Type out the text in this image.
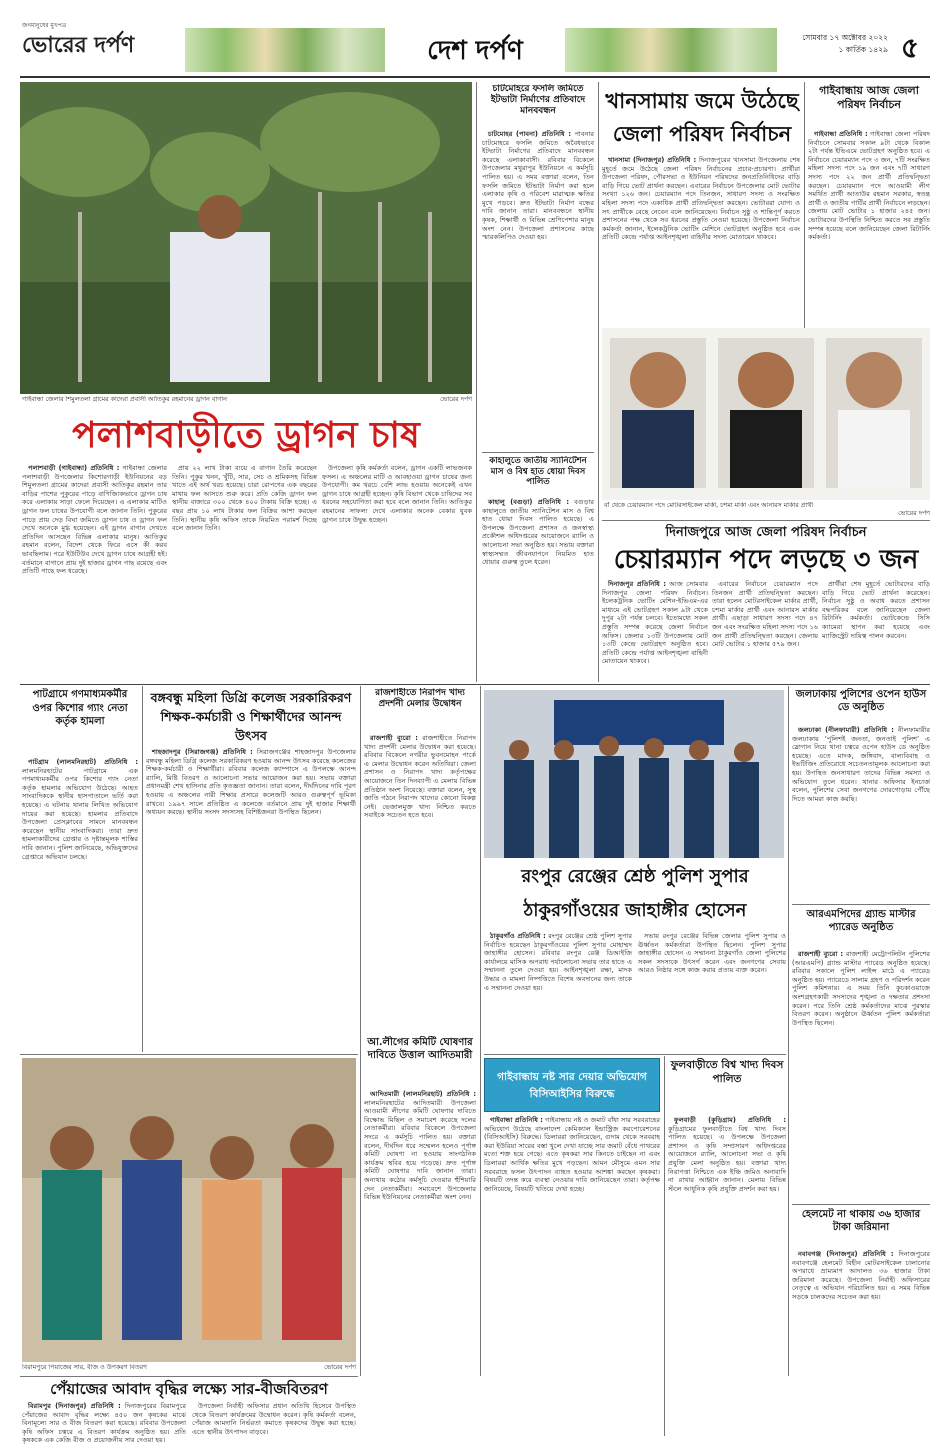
জনমানুষের মুখপত্র
ভোরের দর্পণ	দেশ দর্পণ	সোমবার ১৭ অক্টোবর ২০২২
১ কার্তিক ১৪২৯ ৫
গাইবান্ধা জেলার শিমুলতলা গ্রামের কাদেরা প্রবাসী আতিকুর রহমানের ড্রাগন বাগান	ভোরের দর্পণ
পলাশবাড়ীতে ড্রাগন চাষ

পলাশবাড়ী (গাইবান্ধা) প্রতিনিধি : গাইবান্ধা জেলার পলাশবাড়ী উপজেলার কিশোরগাড়ী ইউনিয়নের বড় শিমুলতলা গ্রামের কাদেরা প্রবাসী আতিকুর রহমান তার বাড়ির পাশের পুকুরের পাড়ে বাণিজ্যিকভাবে ড্রাগন চাষ করে এলাকায় সাড়া ফেলে দিয়েছেন। এ এলাকার মাটিও ড্রাগন ফল চাষের উপযোগী বলে জানান তিনি। পুকুরের পাড়ে প্রায় দেড় বিঘা জমিতে ড্রাগন চাষ ও ড্রাগন ফল দেখে অনেকে মুগ্ধ হয়েছেন। এই ড্রাগন বাগান দেখতে প্রতিদিন আসছেন বিভিন্ন এলাকার মানুষ। আতিকুর রহমান বলেন, বিদেশ থেকে ফিরে এসে কী করব ভাবছিলাম। পরে ইউটিউব দেখে ড্রাগন চাষে আগ্রহী হই। বর্তমানে বাগানে প্রায় দুই হাজার ড্রাগন গাছ রয়েছে এবং প্রতিটি গাছে ফল ধরেছে।

প্রায় ২২ লাখ টাকা ব্যয়ে এ বাগান তৈরি করেছেন তিনি। পুকুর খনন, খুঁটি, সার, সেচ ও শ্রমিকসহ বিভিন্ন খাতে এই অর্থ খরচ হয়েছে। চারা রোপণের এক বছরের মাথায় ফল আসতে শুরু করে। প্রতি কেজি ড্রাগন ফল স্থানীয় বাজারে ৩০০ থেকে ৪০০ টাকায় বিক্রি হচ্ছে। এ বছর প্রায় ১০ লাখ টাকার ফল বিক্রির আশা করছেন তিনি। স্থানীয় কৃষি অফিস তাকে নিয়মিত পরামর্শ দিচ্ছে বলে জানান তিনি।

উপজেলা কৃষি কর্মকর্তা বলেন, ড্রাগন একটি লাভজনক ফসল। এ অঞ্চলের মাটি ও আবহাওয়া ড্রাগন চাষের জন্য উপযোগী। কম খরচে বেশি লাভ হওয়ায় অনেকেই এখন ড্রাগন চাষে আগ্রহী হচ্ছেন। কৃষি বিভাগ থেকে চাষিদের সব ধরনের সহযোগিতা করা হবে বলে জানান তিনি। আতিকুর রহমানের সাফল্য দেখে এলাকার অনেক বেকার যুবক ড্রাগন চাষে উদ্বুদ্ধ হচ্ছেন।

চাটমোহরে ফসলি জমিতে ইটভাটা নির্মাণের প্রতিবাদে মানববন্ধন

চাটমোহর (পাবনা) প্রতিনিধি : পাবনার চাটমোহরে ফসলি জমিতে অবৈধভাবে ইটভাটা নির্মাণের প্রতিবাদে মানববন্ধন করেছে এলাকাবাসী। রবিবার বিকেলে উপজেলার মথুরাপুর ইউনিয়নে এ কর্মসূচি পালিত হয়। এ সময় বক্তারা বলেন, তিন ফসলি জমিতে ইটভাটা নির্মাণ করা হলে এলাকার কৃষি ও পরিবেশ মারাত্মক ক্ষতির মুখে পড়বে। দ্রুত ইটভাটা নির্মাণ বন্ধের দাবি জানান তারা। মানববন্ধনে স্থানীয় কৃষক, শিক্ষার্থী ও বিভিন্ন শ্রেণিপেশার মানুষ অংশ নেন। উপজেলা প্রশাসনের কাছে স্মারকলিপিও দেওয়া হয়।

কাহালুতে জাতীয় স্যানিটেশন মাস ও বিশ্ব হাত ধোয়া দিবস পালিত

কাহালু (বগুড়া) প্রতিনিধি : বগুড়ার কাহালুতে জাতীয় স্যানিটেশন মাস ও বিশ্ব হাত ধোয়া দিবস পালিত হয়েছে। এ উপলক্ষে উপজেলা প্রশাসন ও জনস্বাস্থ্য প্রকৌশল অধিদপ্তরের আয়োজনে র‍্যালি ও আলোচনা সভা অনুষ্ঠিত হয়। সভায় বক্তারা স্বাস্থ্যসম্মত জীবনযাপনে নিয়মিত হাত ধোয়ার গুরুত্ব তুলে ধরেন।

খানসামায় জমে উঠেছে জেলা পরিষদ নির্বাচন

খানসামা (দিনাজপুর) প্রতিনিধি : দিনাজপুরের খানসামা উপজেলায় শেষ মুহূর্তে জমে উঠেছে জেলা পরিষদ নির্বাচনের প্রচার-প্রচারণা। প্রার্থীরা উপজেলা পরিষদ, পৌরসভা ও ইউনিয়ন পরিষদের জনপ্রতিনিধিদের বাড়ি বাড়ি গিয়ে ভোট প্রার্থনা করছেন। এবারের নির্বাচনে উপজেলার মোট ভোটার সংখ্যা ১২৬ জন। চেয়ারম্যান পদে তিনজন, সাধারণ সদস্য ও সংরক্ষিত মহিলা সদস্য পদে একাধিক প্রার্থী প্রতিদ্বন্দ্বিতা করছেন। ভোটাররা যোগ্য ও সৎ প্রার্থীকে বেছে নেবেন বলে জানিয়েছেন। নির্বাচন সুষ্ঠু ও শান্তিপূর্ণ করতে প্রশাসনের পক্ষ থেকে সব ধরনের প্রস্তুতি নেওয়া হয়েছে। উপজেলা নির্বাচন কর্মকর্তা জানান, ইলেকট্রনিক ভোটিং মেশিনে ভোটগ্রহণ অনুষ্ঠিত হবে এবং প্রতিটি কেন্দ্রে পর্যাপ্ত আইনশৃঙ্খলা বাহিনীর সদস্য মোতায়েন থাকবে।

গাইবান্ধায় আজ জেলা পরিষদ নির্বাচন

গাইবান্ধা প্রতিনিধি : গাইবান্ধা জেলা পরিষদ নির্বাচনে সোমবার সকাল ৯টা থেকে বিকাল ২টা পর্যন্ত ইভিএমে ভোটগ্রহণ অনুষ্ঠিত হবে। এ নির্বাচনে চেয়ারম্যান পদে ৩ জন, ৭টি সংরক্ষিত মহিলা সদস্য পদে ১৯ জন এবং ৭টি সাধারণ সদস্য পদে ২২ জন প্রার্থী প্রতিদ্বন্দ্বিতা করছেন। চেয়ারম্যান পদে আওয়ামী লীগ সমর্থিত প্রার্থী আতাউর রহমান সরকার, স্বতন্ত্র প্রার্থী ও জাতীয় পার্টির প্রার্থী নির্বাচনে লড়ছেন। জেলায় মোট ভোটার ১ হাজার ২৪৫ জন। ভোটারদের উপস্থিতি নিশ্চিত করতে সব প্রস্তুতি সম্পন্ন হয়েছে বলে জানিয়েছেন জেলা রিটার্নিং কর্মকর্তা।

বাঁ থেকে চেয়ারম্যান পদে মোটরসাইকেল মার্কা, চশমা মার্কা এবং আনারস মার্কার প্রার্থী
ভোরের দর্পণ
দিনাজপুরে আজ জেলা পরিষদ নির্বাচন
চেয়ারম্যান পদে লড়ছে ৩ জন

দিনাজপুর প্রতিনিধি : আজ সোমবার দিনাজপুর জেলা পরিষদ নির্বাচন। ইলেকট্রনিক ভোটিং মেশিন-ইভিএম-এর মাধ্যমে এই ভোটগ্রহণ সকাল ৯টা থেকে দুপুর ২টা পর্যন্ত চলবে। ইতোমধ্যে সকল প্রস্তুতি সম্পন্ন করেছে জেলা নির্বাচন অফিস। জেলার ১৩টি উপজেলায় মোট ১৩টি কেন্দ্রে ভোটগ্রহণ অনুষ্ঠিত হবে। প্রতিটি কেন্দ্রে পর্যাপ্ত আইনশৃঙ্খলা বাহিনী মোতায়েন থাকবে।

এবারের নির্বাচনে চেয়ারম্যান পদে তিনজন প্রার্থী প্রতিদ্বন্দ্বিতা করছেন। তারা হলেন মোটরসাইকেল মার্কার প্রার্থী, চশমা মার্কার প্রার্থী এবং আনারস মার্কার প্রার্থী। এছাড়া সাধারণ সদস্য পদে ৪৭ জন এবং সংরক্ষিত মহিলা সদস্য পদে ১৬ জন প্রার্থী প্রতিদ্বন্দ্বিতা করছেন। জেলায় মোট ভোটার ১ হাজার ৫৭৯ জন।

প্রার্থীরা শেষ মুহূর্তে ভোটারদের বাড়ি বাড়ি গিয়ে ভোট প্রার্থনা করেছেন। নির্বাচন সুষ্ঠু ও অবাধ করতে প্রশাসন বদ্ধপরিকর বলে জানিয়েছেন জেলা রিটার্নিং কর্মকর্তা। ভোটকেন্দ্রে সিসি ক্যামেরা স্থাপন করা হয়েছে এবং ম্যাজিস্ট্রেট দায়িত্ব পালন করবেন।

পাটগ্রামে গণমাধ্যমকর্মীর ওপর কিশোর গ্যাং নেতা কর্তৃক হামলা

পাটগ্রাম (লালমনিরহাট) প্রতিনিধি : লালমনিরহাটের পাটগ্রামে এক গণমাধ্যমকর্মীর ওপর কিশোর গ্যাং নেতা কর্তৃক হামলার অভিযোগ উঠেছে। আহত সাংবাদিককে স্থানীয় হাসপাতালে ভর্তি করা হয়েছে। এ ঘটনায় থানায় লিখিত অভিযোগ দায়ের করা হয়েছে। হামলার প্রতিবাদে উপজেলা প্রেসক্লাবের সামনে মানববন্ধন করেছেন স্থানীয় সাংবাদিকরা। তারা দ্রুত হামলাকারীদের গ্রেপ্তার ও দৃষ্টান্তমূলক শাস্তির দাবি জানান। পুলিশ জানিয়েছে, অভিযুক্তদের গ্রেপ্তারে অভিযান চলছে।

বঙ্গবন্ধু মহিলা ডিগ্রি কলেজ সরকারিকরণ শিক্ষক-কর্মচারী ও শিক্ষার্থীদের আনন্দ উৎসব

শাহজাদপুর (সিরাজগঞ্জ) প্রতিনিধি : সিরাজগঞ্জের শাহজাদপুর উপজেলার বঙ্গবন্ধু মহিলা ডিগ্রি কলেজ সরকারিকরণ হওয়ায় আনন্দ উৎসব করেছে কলেজের শিক্ষক-কর্মচারী ও শিক্ষার্থীরা। রবিবার কলেজ ক্যাম্পাসে এ উপলক্ষে আনন্দ র‍্যালি, মিষ্টি বিতরণ ও আলোচনা সভার আয়োজন করা হয়। সভায় বক্তারা প্রধানমন্ত্রী শেখ হাসিনার প্রতি কৃতজ্ঞতা জানান। তারা বলেন, দীর্ঘদিনের দাবি পূরণ হওয়ায় এ অঞ্চলের নারী শিক্ষার প্রসারে কলেজটি আরও গুরুত্বপূর্ণ ভূমিকা রাখবে। ১৯৯৭ সালে প্রতিষ্ঠিত এ কলেজে বর্তমানে প্রায় দুই হাজার শিক্ষার্থী অধ্যয়ন করছে। স্থানীয় সংসদ সদস্যসহ বিশিষ্টজনরা উপস্থিত ছিলেন।

রাজশাহীতে নিরাপদ খাদ্য প্রদর্শনী মেলার উদ্বোধন

রাজশাহী ব্যুরো : রাজশাহীতে নিরাপদ খাদ্য প্রদর্শনী মেলার উদ্বোধন করা হয়েছে। রবিবার বিকেলে নগরীর ভুবনমোহন পার্কে এ মেলার উদ্বোধন করেন অতিথিরা। জেলা প্রশাসন ও নিরাপদ খাদ্য কর্তৃপক্ষের আয়োজনে তিন দিনব্যাপী এ মেলায় বিভিন্ন প্রতিষ্ঠান অংশ নিয়েছে। বক্তারা বলেন, সুস্থ জাতি গঠনে নিরাপদ খাদ্যের কোনো বিকল্প নেই। ভেজালমুক্ত খাদ্য নিশ্চিত করতে সবাইকে সচেতন হতে হবে।

জলঢাকায় পুলিশের ওপেন হাউস ডে অনুষ্ঠিত

জলঢাকা (নীলফামারী) প্রতিনিধি : নীলফামারীর জলঢাকায় ‘পুলিশই জনতা, জনতাই পুলিশ’ এ স্লোগান নিয়ে থানা চত্বরে ওপেন হাউস ডে অনুষ্ঠিত হয়েছে। এতে মাদক, জঙ্গিবাদ, বাল্যবিবাহ ও ইভটিজিং প্রতিরোধে সচেতনতামূলক আলোচনা করা হয়। উপস্থিত জনসাধারণ তাদের বিভিন্ন সমস্যা ও অভিযোগ তুলে ধরেন। থানার অফিসার ইনচার্জ বলেন, পুলিশের সেবা জনগণের দোরগোড়ায় পৌঁছে দিতে আমরা কাজ করছি।

রংপুর রেঞ্জের শ্রেষ্ঠ পুলিশ সুপার ঠাকুরগাঁওয়ের জাহাঙ্গীর হোসেন

ঠাকুরগাঁও প্রতিনিধি : রংপুর রেঞ্জের শ্রেষ্ঠ পুলিশ সুপার নির্বাচিত হয়েছেন ঠাকুরগাঁওয়ের পুলিশ সুপার মোহাম্মদ জাহাঙ্গীর হোসেন। রবিবার রংপুর রেঞ্জ ডিআইজি কার্যালয়ে মাসিক অপরাধ পর্যালোচনা সভায় তার হাতে এ সম্মাননা তুলে দেওয়া হয়। আইনশৃঙ্খলা রক্ষা, মাদক উদ্ধার ও মামলা নিষ্পত্তিতে বিশেষ অবদানের জন্য তাকে এ সম্মাননা দেওয়া হয়।

সভায় রংপুর রেঞ্জের বিভিন্ন জেলার পুলিশ সুপার ও ঊর্ধ্বতন কর্মকর্তারা উপস্থিত ছিলেন। পুলিশ সুপার জাহাঙ্গীর হোসেন এ সম্মাননা ঠাকুরগাঁও জেলা পুলিশের সকল সদস্যকে উৎসর্গ করেন এবং জনগণের সেবায় আরও নিষ্ঠার সঙ্গে কাজ করার প্রত্যয় ব্যক্ত করেন।

আরএমপিদের গ্র্যান্ড মাস্টার প্যারেড অনুষ্ঠিত

রাজশাহী ব্যুরো : রাজশাহী মেট্রোপলিটন পুলিশের (আরএমপি) গ্র্যান্ড মাস্টার প্যারেড অনুষ্ঠিত হয়েছে। রবিবার সকালে পুলিশ লাইন্স মাঠে এ প্যারেড অনুষ্ঠিত হয়। প্যারেডে সালাম গ্রহণ ও পরিদর্শন করেন পুলিশ কমিশনার। এ সময় তিনি কুচকাওয়াজে অংশগ্রহণকারী সদস্যদের শৃঙ্খলা ও দক্ষতার প্রশংসা করেন। পরে তিনি শ্রেষ্ঠ কর্মকর্তাদের মাঝে পুরস্কার বিতরণ করেন। অনুষ্ঠানে ঊর্ধ্বতন পুলিশ কর্মকর্তারা উপস্থিত ছিলেন।

হেলমেট না থাকায় ৩৬ হাজার টাকা জরিমানা

নবাবগঞ্জ (দিনাজপুর) প্রতিনিধি : দিনাজপুরের নবাবগঞ্জে হেলমেট বিহীন মোটরসাইকেল চালানোর অপরাধে ভ্রাম্যমাণ আদালত ৩৬ হাজার টাকা জরিমানা করেছে। উপজেলা নির্বাহী অফিসারের নেতৃত্বে এ অভিযান পরিচালিত হয়। এ সময় বিভিন্ন সড়কে চালকদের সচেতন করা হয়।

বিরামপুরে পিঁয়াজের সার, বীজ ও উপকরণ বিতরণ	ভোরের দর্পণ
আ.লীগের কমিটি ঘোষণার দাবিতে উত্তাল আদিতমারী

আদিতমারী (লালমনিরহাট) প্রতিনিধি : লালমনিরহাটের আদিতমারী উপজেলা আওয়ামী লীগের কমিটি ঘোষণার দাবিতে বিক্ষোভ মিছিল ও সমাবেশ করেছে দলের নেতাকর্মীরা। রবিবার বিকেলে উপজেলা সদরে এ কর্মসূচি পালিত হয়। বক্তারা বলেন, দীর্ঘদিন ধরে সম্মেলন হলেও পূর্ণাঙ্গ কমিটি ঘোষণা না হওয়ায় সাংগঠনিক কার্যক্রম স্থবির হয়ে পড়েছে। দ্রুত পূর্ণাঙ্গ কমিটি ঘোষণার দাবি জানান তারা। অন্যথায় কঠোর কর্মসূচি দেওয়ার হুঁশিয়ারি দেন নেতাকর্মীরা। সমাবেশে উপজেলার বিভিন্ন ইউনিয়নের নেতাকর্মীরা অংশ নেন।

গাইবান্ধায় নষ্ট সার দেয়ার অভিযোগ বিসিআইসির বিরুদ্ধে

গাইবান্ধা প্রতিনিধি : গাইবান্ধায় নষ্ট ও জমাট বাঁধা সার সরবরাহের অভিযোগ উঠেছে বাংলাদেশ কেমিক্যাল ইন্ডাস্ট্রিজ করপোরেশনের (বিসিআইসি) বিরুদ্ধে। ডিলাররা জানিয়েছেন, গুদাম থেকে সরবরাহ করা ইউরিয়া সারের বস্তা খুলে দেখা যাচ্ছে সার জমাট বেঁধে পাথরের মতো শক্ত হয়ে গেছে। এতে কৃষকরা সার কিনতে চাইছেন না এবং ডিলাররা আর্থিক ক্ষতির মুখে পড়ছেন। আমন মৌসুমে এমন সার সরবরাহে ফসল উৎপাদন ব্যাহত হওয়ার আশঙ্কা করছেন কৃষকরা। বিষয়টি তদন্ত করে ব্যবস্থা নেওয়ার দাবি জানিয়েছেন তারা। কর্তৃপক্ষ জানিয়েছে, বিষয়টি খতিয়ে দেখা হচ্ছে।

ফুলবাড়ীতে বিশ্ব খাদ্য দিবস পালিত

ফুলবাড়ী (কুড়িগ্রাম) প্রতিনিধি : কুড়িগ্রামের ফুলবাড়ীতে বিশ্ব খাদ্য দিবস পালিত হয়েছে। এ উপলক্ষে উপজেলা প্রশাসন ও কৃষি সম্প্রসারণ অধিদপ্তরের আয়োজনে র‍্যালি, আলোচনা সভা ও কৃষি প্রযুক্তি মেলা অনুষ্ঠিত হয়। বক্তারা খাদ্য নিরাপত্তা নিশ্চিতে এক ইঞ্চি জমিও অনাবাদি না রাখার আহ্বান জানান। মেলায় বিভিন্ন স্টলে আধুনিক কৃষি প্রযুক্তি প্রদর্শন করা হয়।

পেঁয়াজের আবাদ বৃদ্ধির লক্ষ্যে সার-বীজবিতরণ

বিরামপুর (দিনাজপুর) প্রতিনিধি : দিনাজপুরের বিরামপুরে পেঁয়াজের আবাদ বৃদ্ধির লক্ষ্যে ৪৫০ জন কৃষকের মাঝে বিনামূল্যে সার ও বীজ বিতরণ করা হয়েছে। রবিবার উপজেলা কৃষি অফিস চত্বরে এ বিতরণ কার্যক্রম অনুষ্ঠিত হয়। প্রতি কৃষককে এক কেজি বীজ ও প্রয়োজনীয় সার দেওয়া হয়।

উপজেলা নির্বাহী অফিসার প্রধান অতিথি হিসেবে উপস্থিত থেকে বিতরণ কার্যক্রমের উদ্বোধন করেন। কৃষি কর্মকর্তা বলেন, পেঁয়াজ আমদানি নির্ভরতা কমাতে কৃষকদের উদ্বুদ্ধ করা হচ্ছে। এতে স্থানীয় উৎপাদন বাড়বে।
